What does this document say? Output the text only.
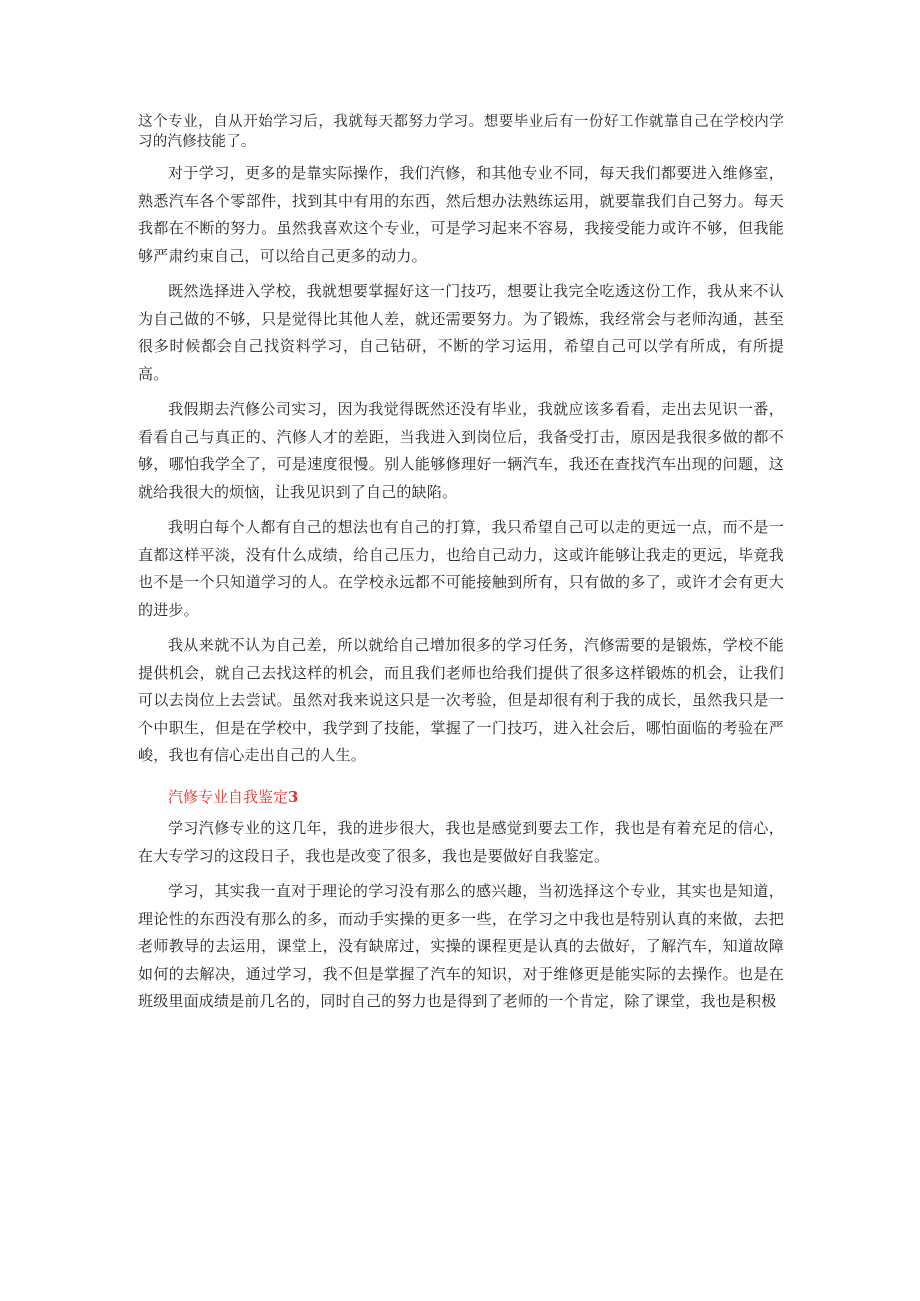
这个专业，自从开始学习后，我就每天都努力学习。想要毕业后有一份好工作就靠自己在学校内学习的汽修技能了。

对于学习，更多的是靠实际操作，我们汽修，和其他专业不同，每天我们都要进入维修室，熟悉汽车各个零部件，找到其中有用的东西，然后想办法熟练运用，就要靠我们自己努力。每天我都在不断的努力。虽然我喜欢这个专业，可是学习起来不容易，我接受能力或许不够，但我能够严肃约束自己，可以给自己更多的动力。

既然选择进入学校，我就想要掌握好这一门技巧，想要让我完全吃透这份工作，我从来不认为自己做的不够，只是觉得比其他人差，就还需要努力。为了锻炼，我经常会与老师沟通，甚至很多时候都会自己找资料学习，自己钻研，不断的学习运用，希望自己可以学有所成，有所提高。

我假期去汽修公司实习，因为我觉得既然还没有毕业，我就应该多看看，走出去见识一番，看看自己与真正的、汽修人才的差距，当我进入到岗位后，我备受打击，原因是我很多做的都不够，哪怕我学全了，可是速度很慢。别人能够修理好一辆汽车，我还在查找汽车出现的问题，这就给我很大的烦恼，让我见识到了自己的缺陷。

我明白每个人都有自己的想法也有自己的打算，我只希望自己可以走的更远一点，而不是一直都这样平淡，没有什么成绩，给自己压力，也给自己动力，这或许能够让我走的更远，毕竟我也不是一个只知道学习的人。在学校永远都不可能接触到所有，只有做的多了，或许才会有更大的进步。

我从来就不认为自己差，所以就给自己增加很多的学习任务，汽修需要的是锻炼，学校不能提供机会，就自己去找这样的机会，而且我们老师也给我们提供了很多这样锻炼的机会，让我们可以去岗位上去尝试。虽然对我来说这只是一次考验，但是却很有利于我的成长，虽然我只是一个中职生，但是在学校中，我学到了技能，掌握了一门技巧，进入社会后，哪怕面临的考验在严峻，我也有信心走出自己的人生。

汽修专业自我鉴定3

学习汽修专业的这几年，我的进步很大，我也是感觉到要去工作，我也是有着充足的信心，在大专学习的这段日子，我也是改变了很多，我也是要做好自我鉴定。

学习，其实我一直对于理论的学习没有那么的感兴趣，当初选择这个专业，其实也是知道，理论性的东西没有那么的多，而动手实操的更多一些，在学习之中我也是特别认真的来做，去把老师教导的去运用，课堂上，没有缺席过，实操的课程更是认真的去做好，了解汽车，知道故障如何的去解决，通过学习，我不但是掌握了汽车的知识，对于维修更是能实际的去操作。也是在班级里面成绩是前几名的，同时自己的努力也是得到了老师的一个肯定，除了课堂，我也是积极
